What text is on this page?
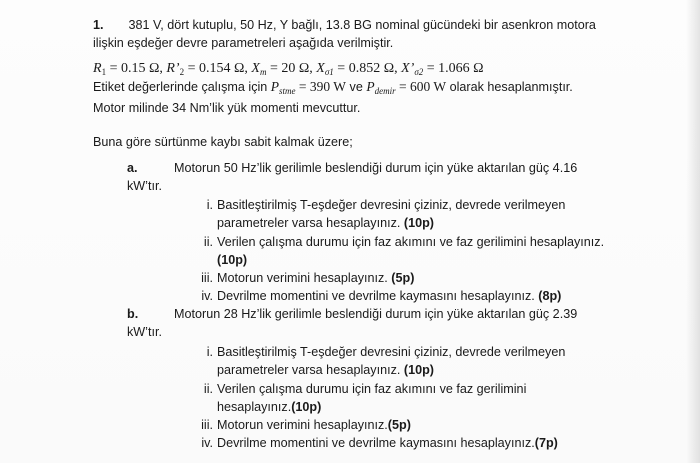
1. 381 V, dört kutuplu, 50 Hz, Y bağlı, 13.8 BG nominal gücündeki bir asenkron motora
ilişkin eşdeğer devre parametreleri aşağıda verilmiştir.
$R_1 = 0.15$ Ω, $R’_2 = 0.154$ Ω, $X_m = 20$ Ω, $X_{\sigma 1} = 0.852$ Ω, $X’_{\sigma 2} = 1.066$ Ω
Etiket değerlerinde çalışma için $P_{stme} = 390$ W ve $P_{demir} = 600$ W olarak hesaplanmıştır.
Motor milinde 34 Nm’lik yük momenti mevcuttur.
Buna göre sürtünme kaybı sabit kalmak üzere;
a.	Motorun 50 Hz’lik gerilimle beslendiği durum için yüke aktarılan güç 4.16
kW’tır.
i. Basitleştirilmiş T-eşdeğer devresini çiziniz, devrede verilmeyen
parametreler varsa hesaplayınız. (10p)
ii. Verilen çalışma durumu için faz akımını ve faz gerilimini hesaplayınız.
(10p)
iii. Motorun verimini hesaplayınız. (5p)
iv. Devrilme momentini ve devrilme kaymasını hesaplayınız. (8p)
b.	Motorun 28 Hz’lik gerilimle beslendiği durum için yüke aktarılan güç 2.39
kW’tır.
i. Basitleştirilmiş T-eşdeğer devresini çiziniz, devrede verilmeyen
parametreler varsa hesaplayınız. (10p)
ii. Verilen çalışma durumu için faz akımını ve faz gerilimini
hesaplayınız.(10p)
iii. Motorun verimini hesaplayınız.(5p)
iv. Devrilme momentini ve devrilme kaymasını hesaplayınız.(7p)
